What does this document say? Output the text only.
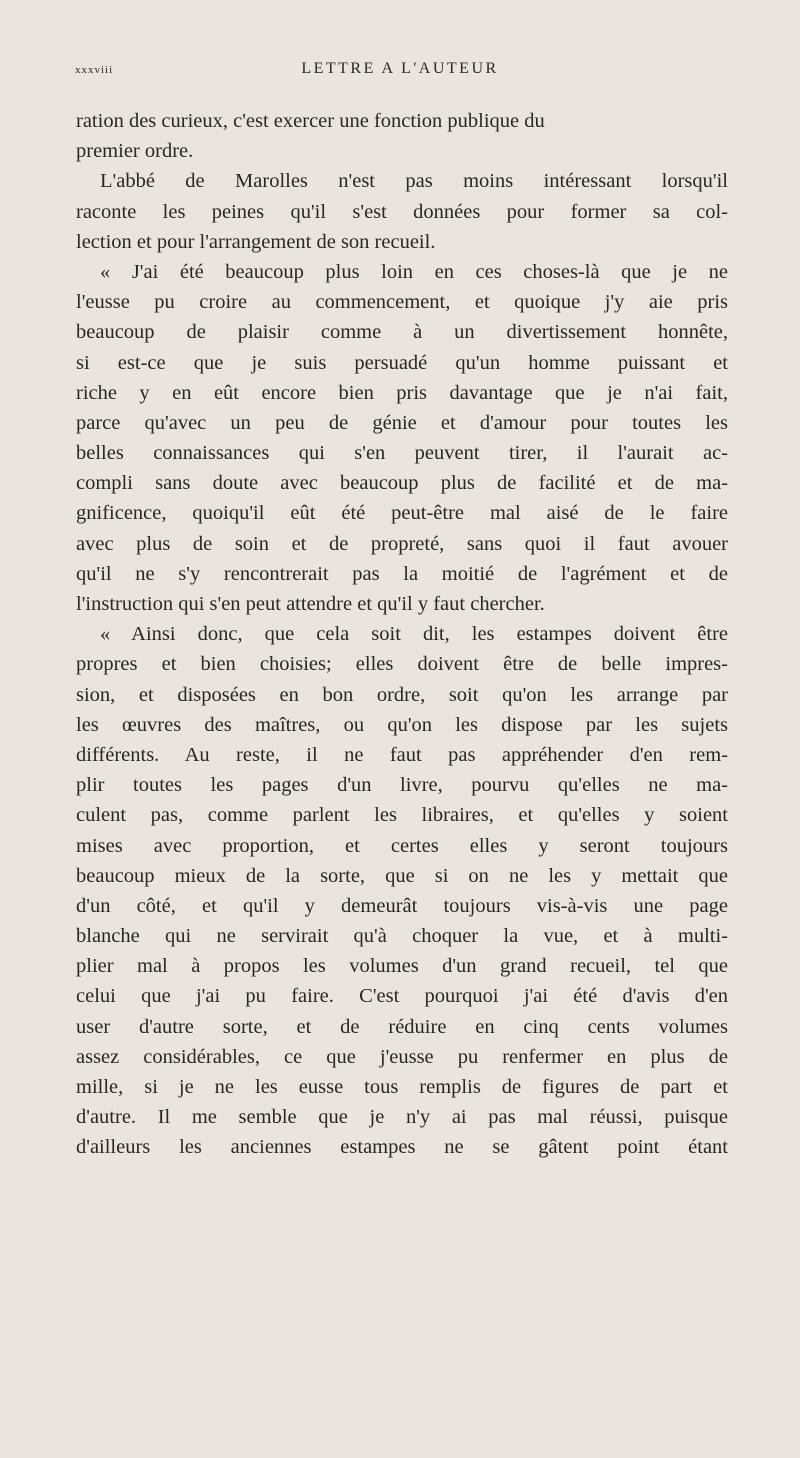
xxxviii	LETTRE A L'AUTEUR
ration des curieux, c'est exercer une fonction publique du
premier ordre.
L'abbé de Marolles n'est pas moins intéressant lorsqu'il
raconte les peines qu'il s'est données pour former sa col-
lection et pour l'arrangement de son recueil.
« J'ai été beaucoup plus loin en ces choses-là que je ne
l'eusse pu croire au commencement, et quoique j'y aie pris
beaucoup de plaisir comme à un divertissement honnête,
si est-ce que je suis persuadé qu'un homme puissant et
riche y en eût encore bien pris davantage que je n'ai fait,
parce qu'avec un peu de génie et d'amour pour toutes les
belles connaissances qui s'en peuvent tirer, il l'aurait ac-
compli sans doute avec beaucoup plus de facilité et de ma-
gnificence, quoiqu'il eût été peut-être mal aisé de le faire
avec plus de soin et de propreté, sans quoi il faut avouer
qu'il ne s'y rencontrerait pas la moitié de l'agrément et de
l'instruction qui s'en peut attendre et qu'il y faut chercher.
« Ainsi donc, que cela soit dit, les estampes doivent être
propres et bien choisies; elles doivent être de belle impres-
sion, et disposées en bon ordre, soit qu'on les arrange par
les œuvres des maîtres, ou qu'on les dispose par les sujets
différents. Au reste, il ne faut pas appréhender d'en rem-
plir toutes les pages d'un livre, pourvu qu'elles ne ma-
culent pas, comme parlent les libraires, et qu'elles y soient
mises avec proportion, et certes elles y seront toujours
beaucoup mieux de la sorte, que si on ne les y mettait que
d'un côté, et qu'il y demeurât toujours vis-à-vis une page
blanche qui ne servirait qu'à choquer la vue, et à multi-
plier mal à propos les volumes d'un grand recueil, tel que
celui que j'ai pu faire. C'est pourquoi j'ai été d'avis d'en
user d'autre sorte, et de réduire en cinq cents volumes
assez considérables, ce que j'eusse pu renfermer en plus de
mille, si je ne les eusse tous remplis de figures de part et
d'autre. Il me semble que je n'y ai pas mal réussi, puisque
d'ailleurs les anciennes estampes ne se gâtent point étant
